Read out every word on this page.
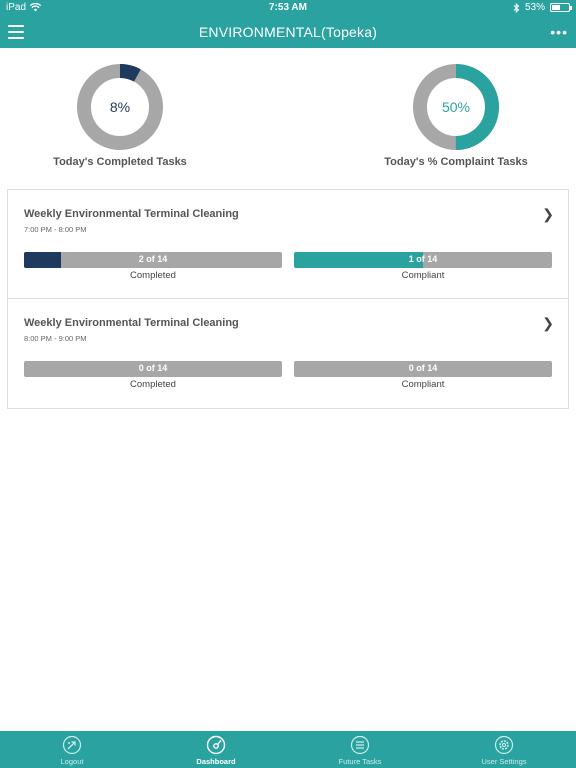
iPad	7:53 AM	53%
ENVIRONMENTAL(Topeka)	•••
8%
Today's Completed Tasks
50%
Today's % Complaint Tasks
Weekly Environmental Terminal Cleaning
7:00 PM - 8:00 PM
❯
2 of 14
Completed
1 of 14
Compliant
Weekly Environmental Terminal Cleaning
8:00 PM - 9:00 PM
❯
0 of 14
Completed
0 of 14
Compliant
Logout	Dashboard	Future Tasks	User Settings
